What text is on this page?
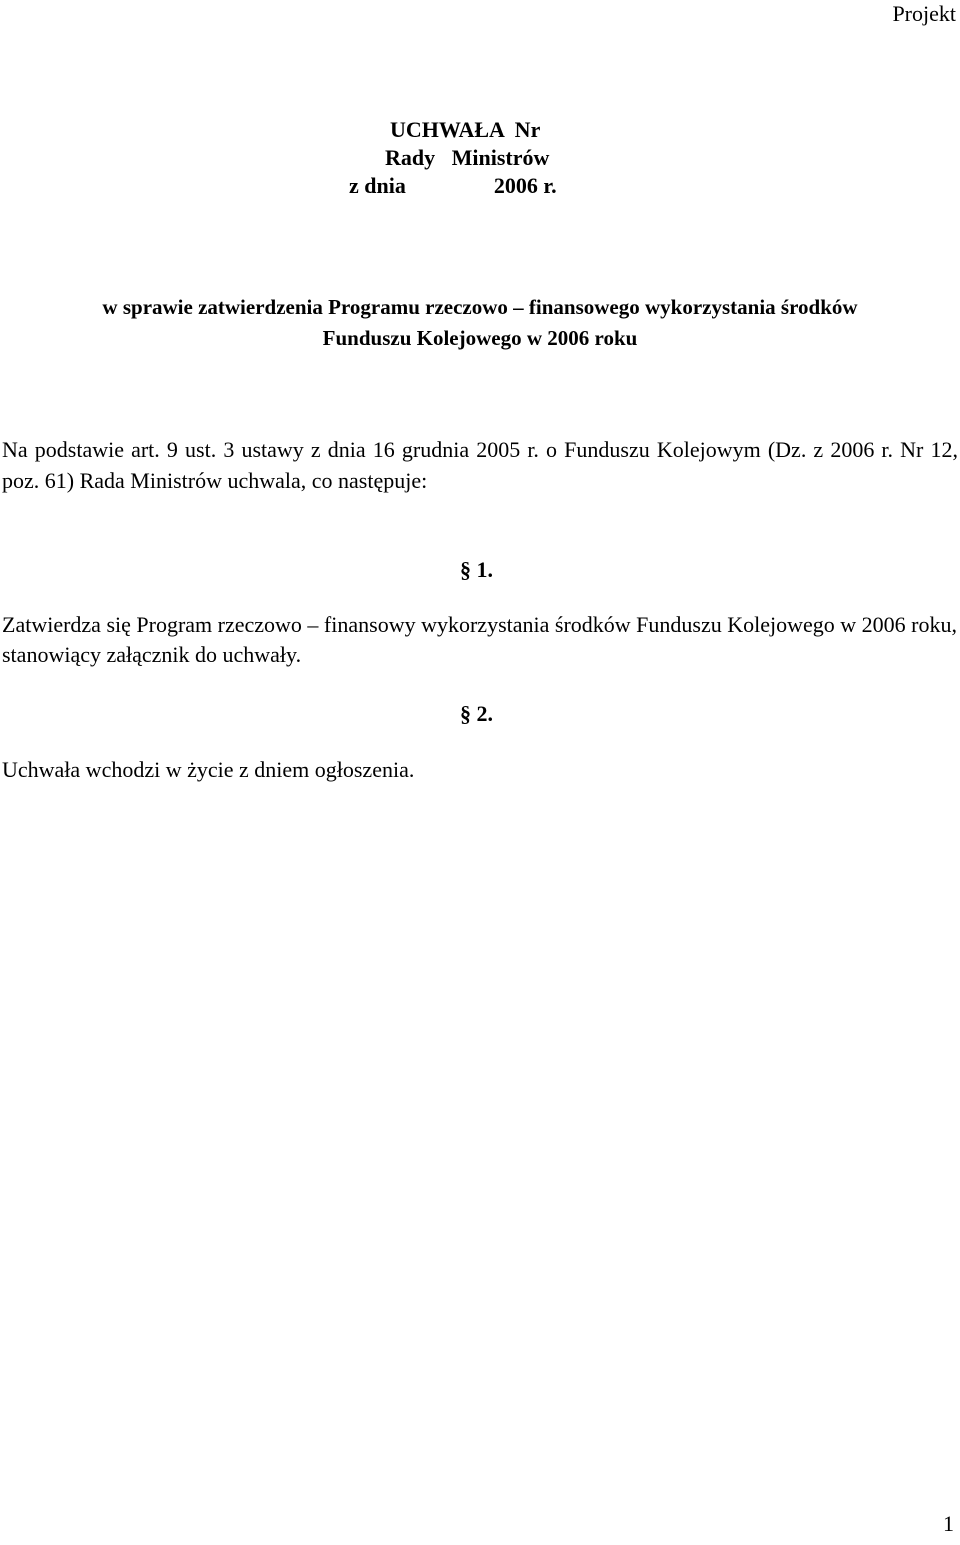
Projekt
UCHWAŁA  Nr
Rady   Ministrów
z dnia                2006 r.
w sprawie zatwierdzenia Programu rzeczowo – finansowego wykorzystania środków
Funduszu Kolejowego w 2006 roku
Na podstawie art. 9 ust. 3 ustawy z dnia 16 grudnia 2005 r. o Funduszu Kolejowym (Dz. z 2006 r. Nr 12, poz. 61) Rada Ministrów uchwala, co następuje:
§ 1.
Zatwierdza się Program rzeczowo – finansowy wykorzystania środków Funduszu Kolejowego w 2006 roku, stanowiący załącznik do uchwały.
§ 2.
Uchwała wchodzi w życie z dniem ogłoszenia.
1
